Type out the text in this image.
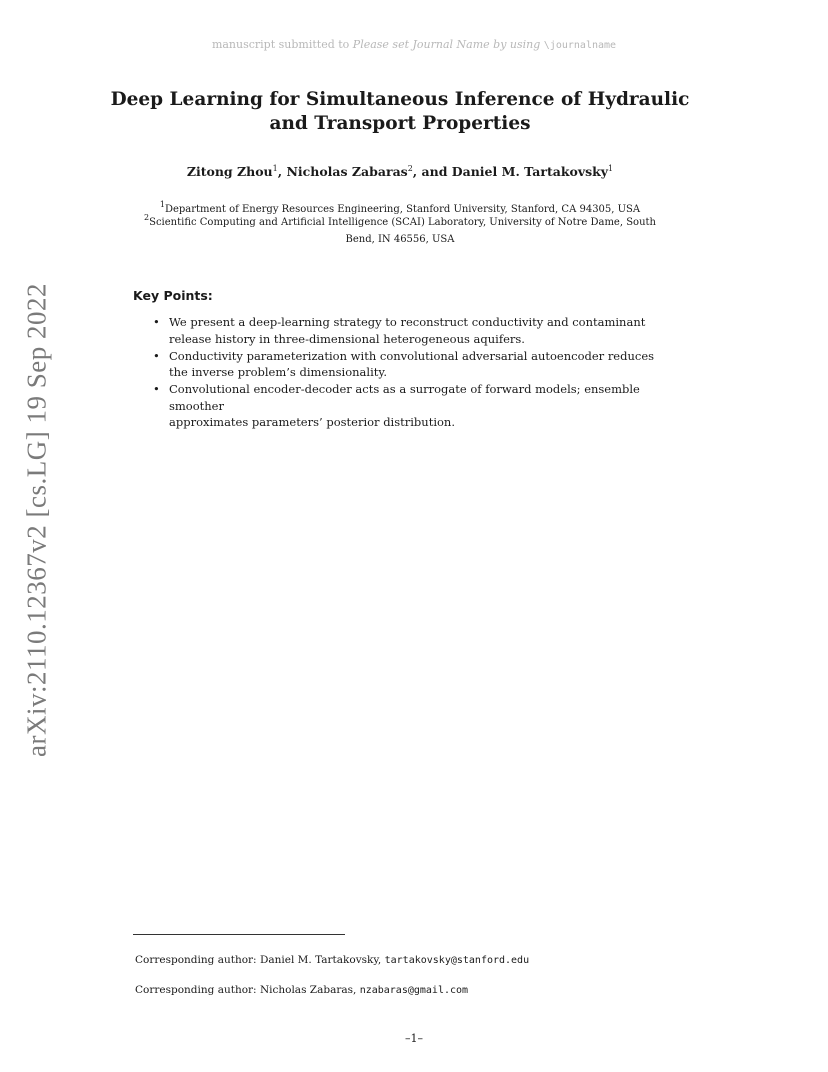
manuscript submitted to Please set Journal Name by using \journalname
Deep Learning for Simultaneous Inference of Hydraulic
and Transport Properties
Zitong Zhou$^1$, Nicholas Zabaras$^2$, and Daniel M. Tartakovsky$^1$
$^1$Department of Energy Resources Engineering, Stanford University, Stanford, CA 94305, USA
$^2$Scientific Computing and Artificial Intelligence (SCAI) Laboratory, University of Notre Dame, South
Bend, IN 46556, USA
Key Points:
• We present a deep-learning strategy to reconstruct conductivity and contaminant
release history in three-dimensional heterogeneous aquifers.
• Conductivity parameterization with convolutional adversarial autoencoder reduces
the inverse problem’s dimensionality.
• Convolutional encoder-decoder acts as a surrogate of forward models; ensemble smoother
approximates parameters’ posterior distribution.
arXiv:2110.12367v2 [cs.LG] 19 Sep 2022
Corresponding author: Daniel M. Tartakovsky, tartakovsky@stanford.edu
Corresponding author: Nicholas Zabaras, nzabaras@gmail.com
–1–
